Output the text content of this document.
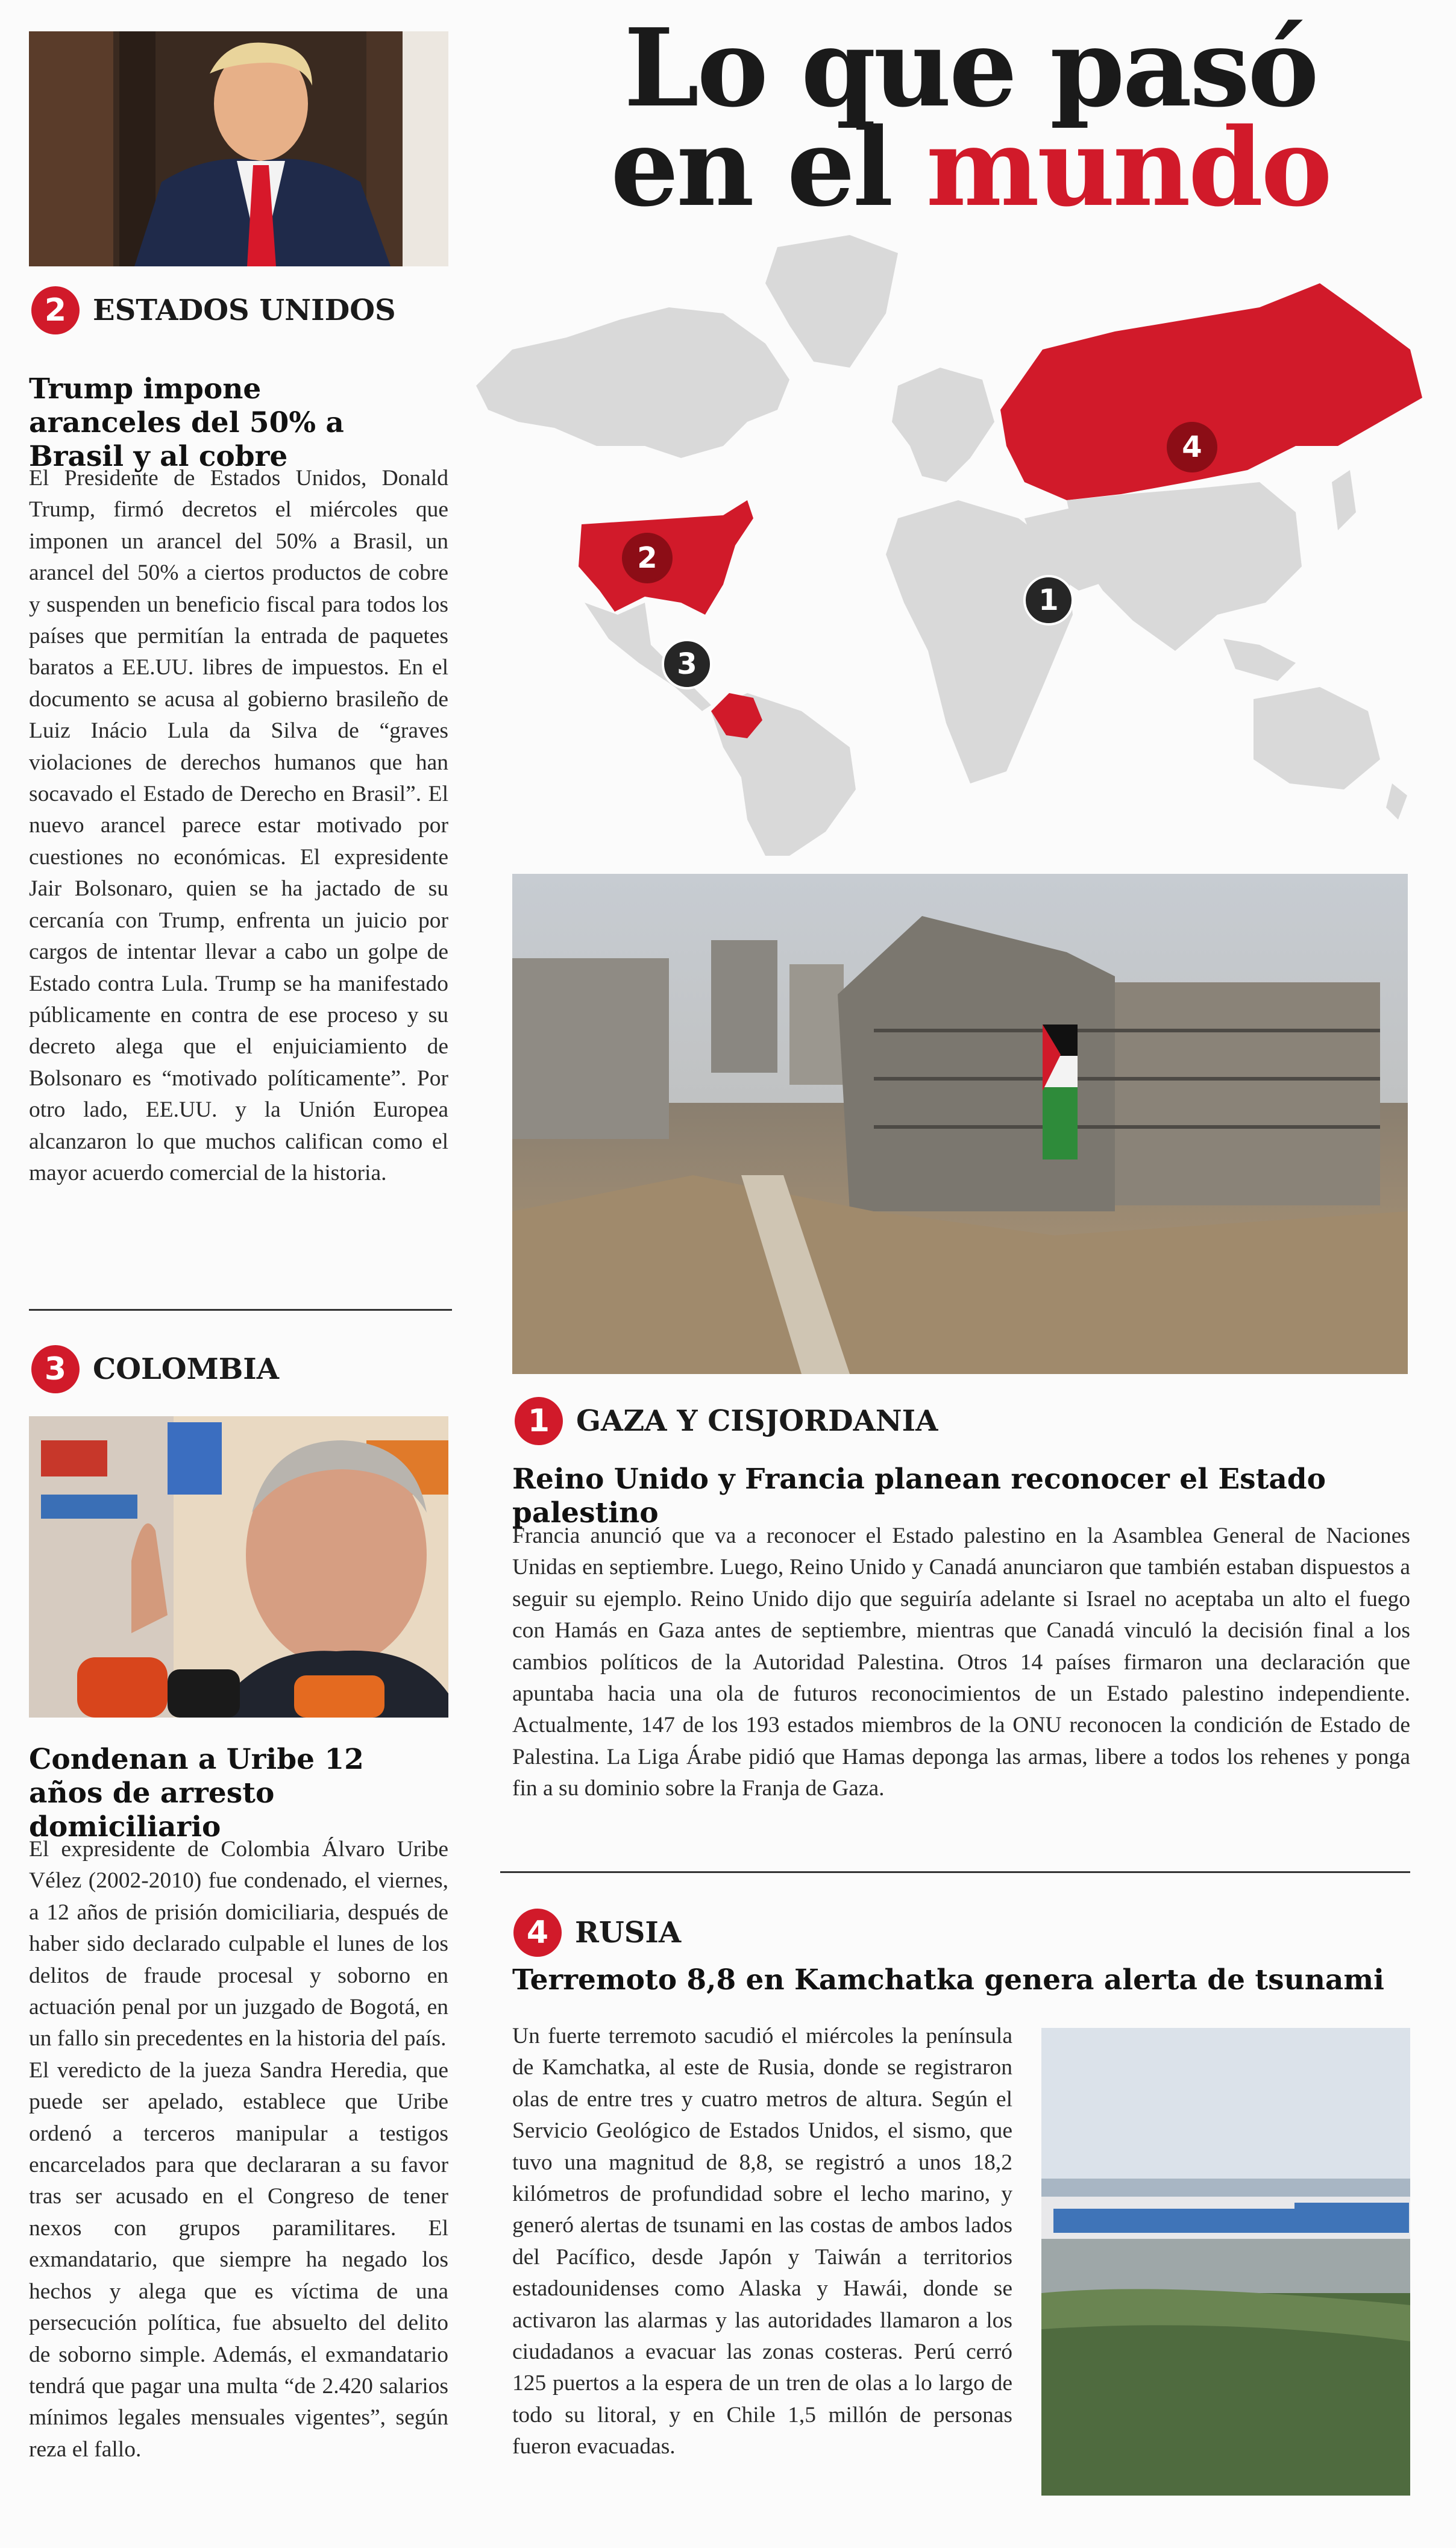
Lo que pasó
en el mundo
2 ESTADOS UNIDOS
Trump impone aranceles del 50% a Brasil y al cobre

El Presidente de Estados Unidos, Donald Trump, firmó decretos el miércoles que imponen un arancel del 50% a Brasil, un arancel del 50% a ciertos productos de cobre y suspenden un beneficio fiscal para todos los países que permitían la entrada de paquetes baratos a EE.UU. libres de impuestos. En el documento se acusa al gobierno brasileño de Luiz Inácio Lula da Silva de “graves violaciones de derechos humanos que han socavado el Estado de Derecho en Brasil”. El nuevo arancel parece estar motivado por cuestiones no económicas. El expresidente Jair Bolsonaro, quien se ha jactado de su cercanía con Trump, enfrenta un juicio por cargos de intentar llevar a cabo un golpe de Estado contra Lula. Trump se ha manifestado públicamente en contra de ese proceso y su decreto alega que el enjuiciamiento de Bolsonaro es “motivado políticamente”. Por otro lado, EE.UU. y la Unión Europea alcanzaron lo que muchos califican como el mayor acuerdo comercial de la historia.

3 COLOMBIA
Condenan a Uribe 12 años de arresto domiciliario

El expresidente de Colombia Álvaro Uribe Vélez (2002-2010) fue condenado, el viernes, a 12 años de prisión domiciliaria, después de haber sido declarado culpable el lunes de los delitos de fraude procesal y soborno en actuación penal por un juzgado de Bogotá, en un fallo sin precedentes en la historia del país.

El veredicto de la jueza Sandra Heredia, que puede ser apelado, establece que Uribe ordenó a terceros manipular a testigos encarcelados para que declararan a su favor tras ser acusado en el Congreso de tener nexos con grupos paramilitares. El exmandatario, que siempre ha negado los hechos y alega que es víctima de una persecución política, fue absuelto del delito de soborno simple. Además, el exmandatario tendrá que pagar una multa “de 2.420 salarios mínimos legales mensuales vigentes”, según reza el fallo.

2
1
3
4
1 GAZA Y CISJORDANIA
Reino Unido y Francia planean reconocer el Estado palestino

Francia anunció que va a reconocer el Estado palestino en la Asamblea General de Naciones Unidas en septiembre. Luego, Reino Unido y Canadá anunciaron que también estaban dispuestos a seguir su ejemplo. Reino Unido dijo que seguiría adelante si Israel no aceptaba un alto el fuego con Hamás en Gaza antes de septiembre, mientras que Canadá vinculó la decisión final a los cambios políticos de la Autoridad Palestina. Otros 14 países firmaron una declaración que apuntaba hacia una ola de futuros reconocimientos de un Estado palestino independiente. Actualmente, 147 de los 193 estados miembros de la ONU reconocen la condición de Estado de Palestina. La Liga Árabe pidió que Hamas deponga las armas, libere a todos los rehenes y ponga fin a su dominio sobre la Franja de Gaza.

4 RUSIA
Terremoto 8,8 en Kamchatka genera alerta de tsunami

Un fuerte terremoto sacudió el miércoles la península de Kamchatka, al este de Rusia, donde se registraron olas de entre tres y cuatro metros de altura. Según el Servicio Geológico de Estados Unidos, el sismo, que tuvo una magnitud de 8,8, se registró a unos 18,2 kilómetros de profundidad sobre el lecho marino, y generó alertas de tsunami en las costas de ambos lados del Pacífico, desde Japón y Taiwán a territorios estadounidenses como Alaska y Hawái, donde se activaron las alarmas y las autoridades llamaron a los ciudadanos a evacuar las zonas costeras. Perú cerró 125 puertos a la espera de un tren de olas a lo largo de todo su litoral, y en Chile 1,5 millón de personas fueron evacuadas.
